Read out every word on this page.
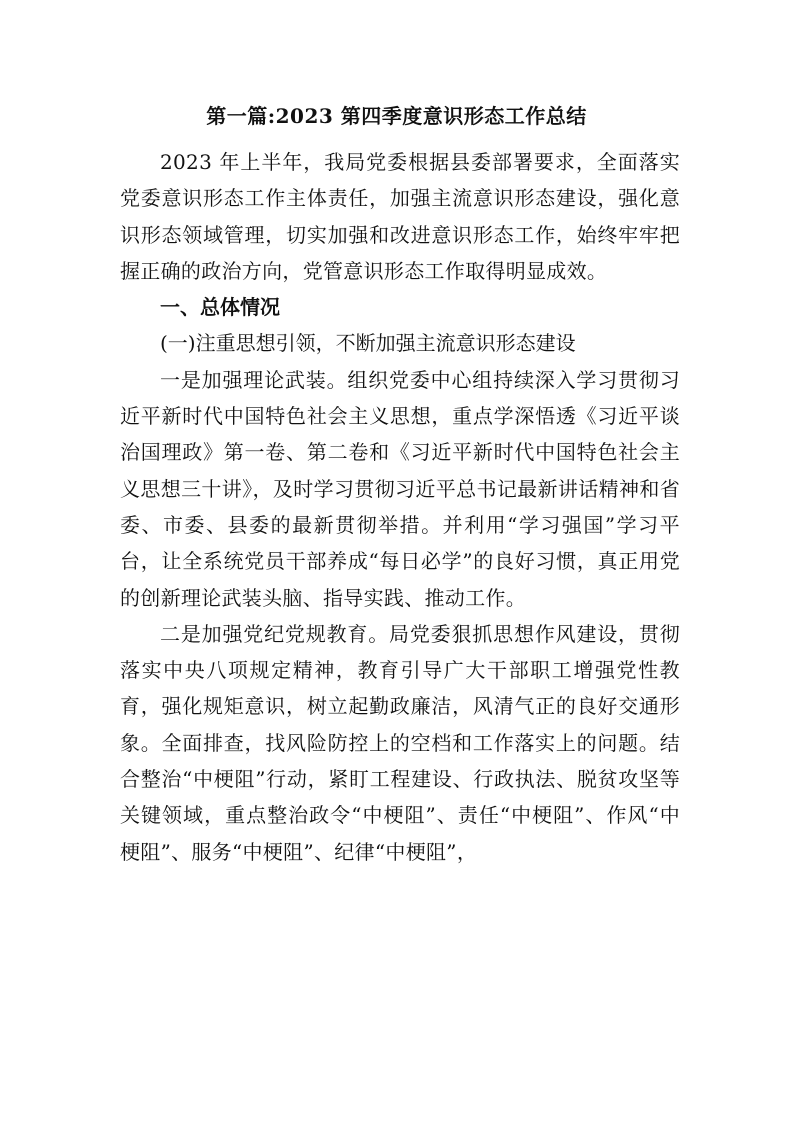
第一篇:2023 第四季度意识形态工作总结

2023 年上半年，我局党委根据县委部署要求，全面落实党委意识形态工作主体责任，加强主流意识形态建设，强化意识形态领域管理，切实加强和改进意识形态工作，始终牢牢把握正确的政治方向，党管意识形态工作取得明显成效。

一、总体情况

(一)注重思想引领，不断加强主流意识形态建设

一是加强理论武装。组织党委中心组持续深入学习贯彻习近平新时代中国特色社会主义思想，重点学深悟透《习近平谈治国理政》第一卷、第二卷和《习近平新时代中国特色社会主义思想三十讲》，及时学习贯彻习近平总书记最新讲话精神和省委、市委、县委的最新贯彻举措。并利用“学习强国”学习平台，让全系统党员干部养成“每日必学”的良好习惯，真正用党的创新理论武装头脑、指导实践、推动工作。

二是加强党纪党规教育。局党委狠抓思想作风建设，贯彻落实中央八项规定精神，教育引导广大干部职工增强党性教育，强化规矩意识，树立起勤政廉洁，风清气正的良好交通形象。全面排查，找风险防控上的空档和工作落实上的问题。结合整治“中梗阻”行动，紧盯工程建设、行政执法、脱贫攻坚等关键领域，重点整治政令“中梗阻”、责任“中梗阻”、作风“中梗阻”、服务“中梗阻”、纪律“中梗阻”，
